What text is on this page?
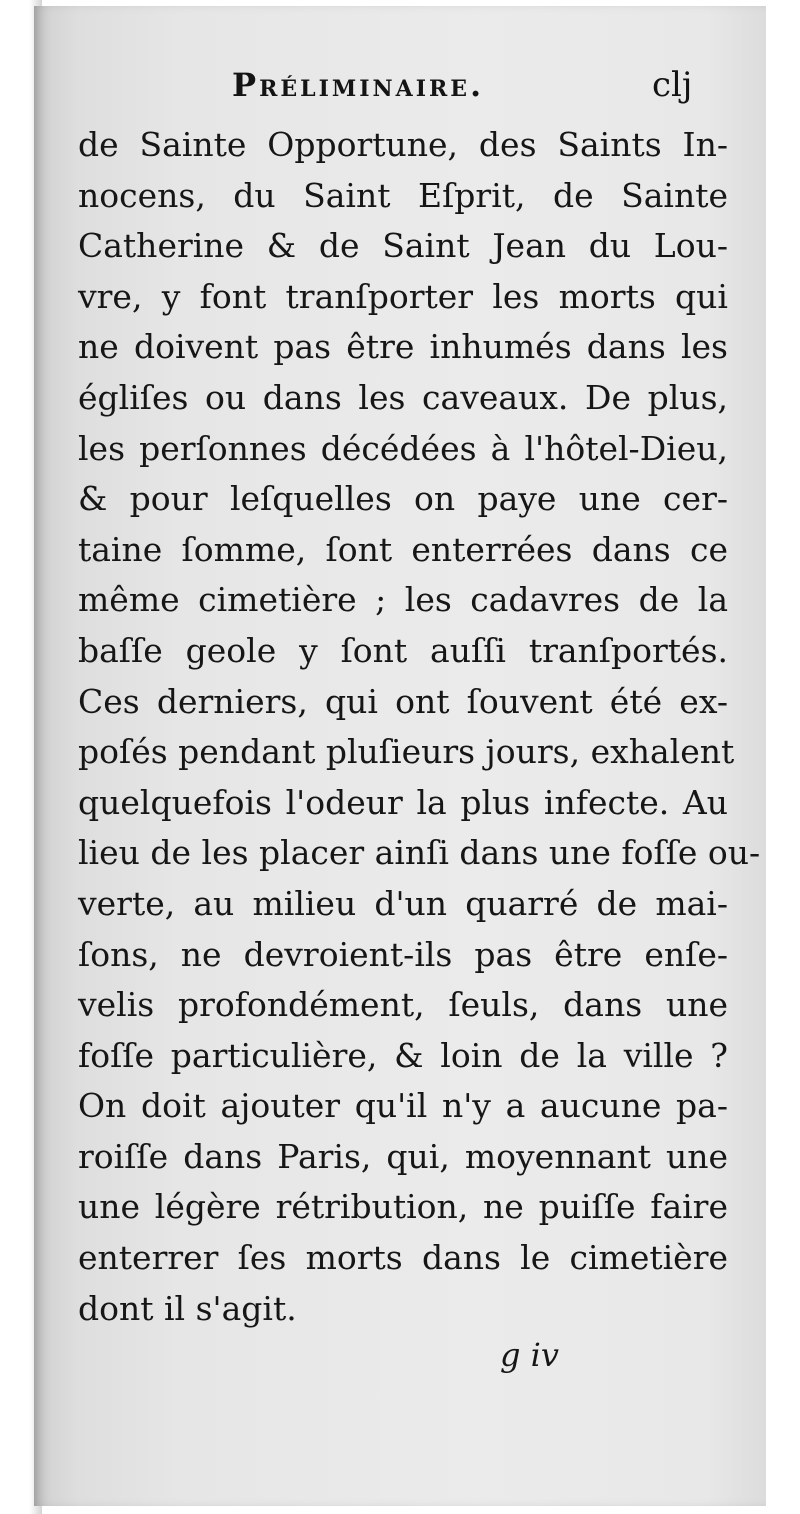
Préliminaire.	clj
de Sainte Opportune, des Saints In-
nocens, du Saint Eſprit, de Sainte
Catherine & de Saint Jean du Lou-
vre, y font tranſporter les morts qui
ne doivent pas être inhumés dans les
égliſes ou dans les caveaux. De plus,
les perſonnes décédées à l'hôtel-Dieu,
& pour leſquelles on paye une cer-
taine ſomme, ſont enterrées dans ce
même cimetière ; les cadavres de la
baſſe geole y ſont auſſi tranſportés.
Ces derniers, qui ont ſouvent été ex-
poſés pendant pluſieurs jours, exhalent
quelquefois l'odeur la plus infecte. Au
lieu de les placer ainſi dans une foſſe ou-
verte, au milieu d'un quarré de mai-
ſons, ne devroient-ils pas être enſe-
velis profondément, ſeuls, dans une
foſſe particulière, & loin de la ville ?
On doit ajouter qu'il n'y a aucune pa-
roiſſe dans Paris, qui, moyennant une
une légère rétribution, ne puiſſe faire
enterrer ſes morts dans le cimetière
dont il s'agit.
g iv
